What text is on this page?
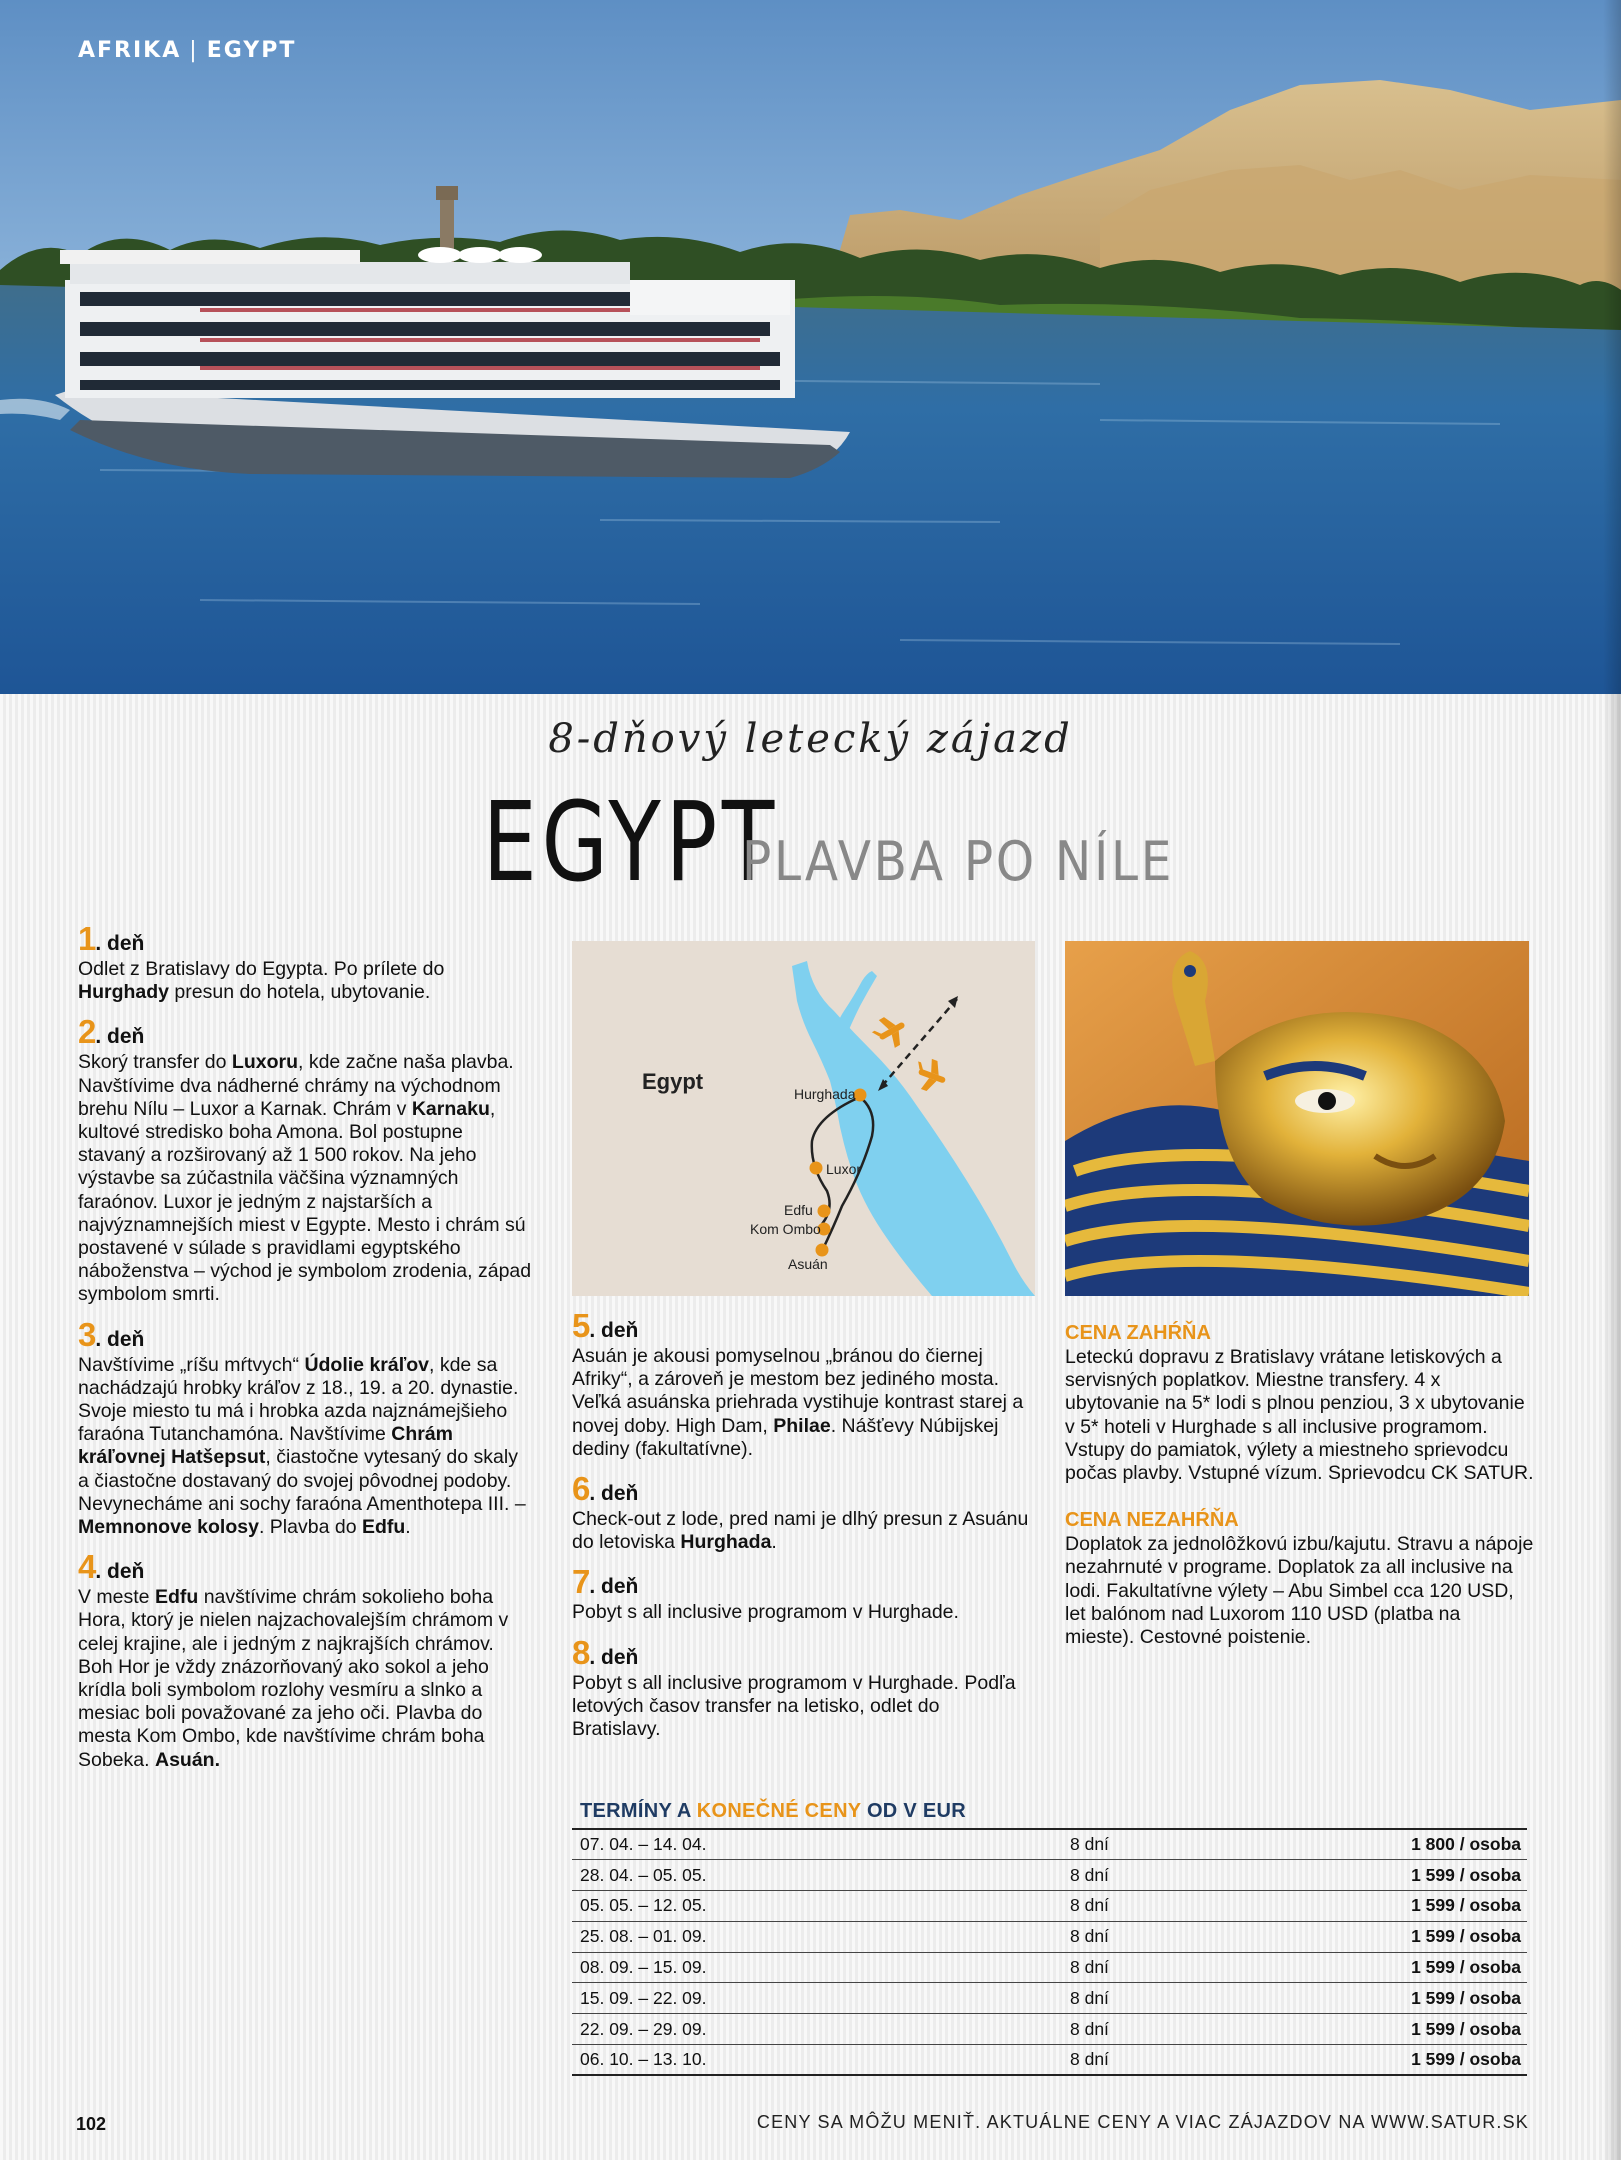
AFRIKA | EGYPT
8-dňový letecký zájazd
EGYPT PLAVBA PO NÍLE
1. deň
Odlet z Bratislavy do Egypta. Po prílete do Hurghady presun do hotela, ubytovanie.
2. deň
Skorý transfer do Luxoru, kde začne naša plavba. Navštívime dva nádherné chrámy na východnom brehu Nílu – Luxor a Karnak. Chrám v Karnaku, kultové stredisko boha Amona. Bol postupne stavaný a rozširovaný až 1 500 rokov. Na jeho výstavbe sa zúčastnila väčšina významných faraónov. Luxor je jedným z najstarších a najvýznamnejších miest v Egypte. Mesto i chrám sú postavené v súlade s pravidlami egyptského náboženstva – východ je symbolom zrodenia, západ symbolom smrti.
3. deň
Navštívime „ríšu mŕtvych“ Údolie kráľov, kde sa nachádzajú hrobky kráľov z 18., 19. a 20. dynastie. Svoje miesto tu má i hrobka azda najznámejšieho faraóna Tutanchamóna. Navštívime Chrám kráľovnej Hatšepsut, čiastočne vytesaný do skaly a čiastočne dostavaný do svojej pôvodnej podoby. Nevynecháme ani sochy faraóna Amenthotepa III. – Memnonove kolosy. Plavba do Edfu.
4. deň
V meste Edfu navštívime chrám sokolieho boha Hora, ktorý je nielen najzachovalejším chrámom v celej krajine, ale i jedným z najkrajších chrámov. Boh Hor je vždy znázorňovaný ako sokol a jeho krídla boli symbolom rozlohy vesmíru a slnko a mesiac boli považované za jeho oči. Plavba do mesta Kom Ombo, kde navštívime chrám boha Sobeka. Asuán.
Egypt	Hurghada
Luxor
Edfu
Kom Ombo
Asuán
5. deň
Asuán je akousi pomyselnou „bránou do čiernej Afriky“, a zároveň je mestom bez jediného mosta. Veľká asuánska priehrada vystihuje kontrast starej a novej doby. High Dam, Philae. Nášťevy Núbijskej dediny (fakultatívne).
6. deň
Check-out z lode, pred nami je dlhý presun z Asuánu do letoviska Hurghada.
7. deň
Pobyt s all inclusive programom v Hurghade.
8. deň
Pobyt s all inclusive programom v Hurghade. Podľa letových časov transfer na letisko, odlet do Bratislavy.
CENA ZAHŔŇA
Leteckú dopravu z Bratislavy vrátane letiskových a servisných poplatkov. Miestne transfery. 4 x ubytovanie na 5* lodi s plnou penziou, 3 x ubytovanie v 5* hoteli v Hurghade s all inclusive programom. Vstupy do pamiatok, výlety a miestneho sprievodcu počas plavby. Vstupné vízum. Sprievodcu CK SATUR.
CENA NEZAHŔŇA
Doplatok za jednolôžkovú izbu/kajutu. Stravu a nápoje nezahrnuté v programe. Doplatok za all inclusive na lodi. Fakultatívne výlety – Abu Simbel cca 120 USD, let balónom nad Luxorom 110 USD (platba na mieste). Cestovné poistenie.
TERMÍNY A KONEČNÉ CENY OD V EUR
07. 04. – 14. 04.	8 dní	1 800 / osoba
28. 04. – 05. 05.	8 dní	1 599 / osoba
05. 05. – 12. 05.	8 dní	1 599 / osoba
25. 08. – 01. 09.	8 dní	1 599 / osoba
08. 09. – 15. 09.	8 dní	1 599 / osoba
15. 09. – 22. 09.	8 dní	1 599 / osoba
22. 09. – 29. 09.	8 dní	1 599 / osoba
06. 10. – 13. 10.	8 dní	1 599 / osoba
102	CENY SA MÔŽU MENIŤ. AKTUÁLNE CENY A VIAC ZÁJAZDOV NA WWW.SATUR.SK
